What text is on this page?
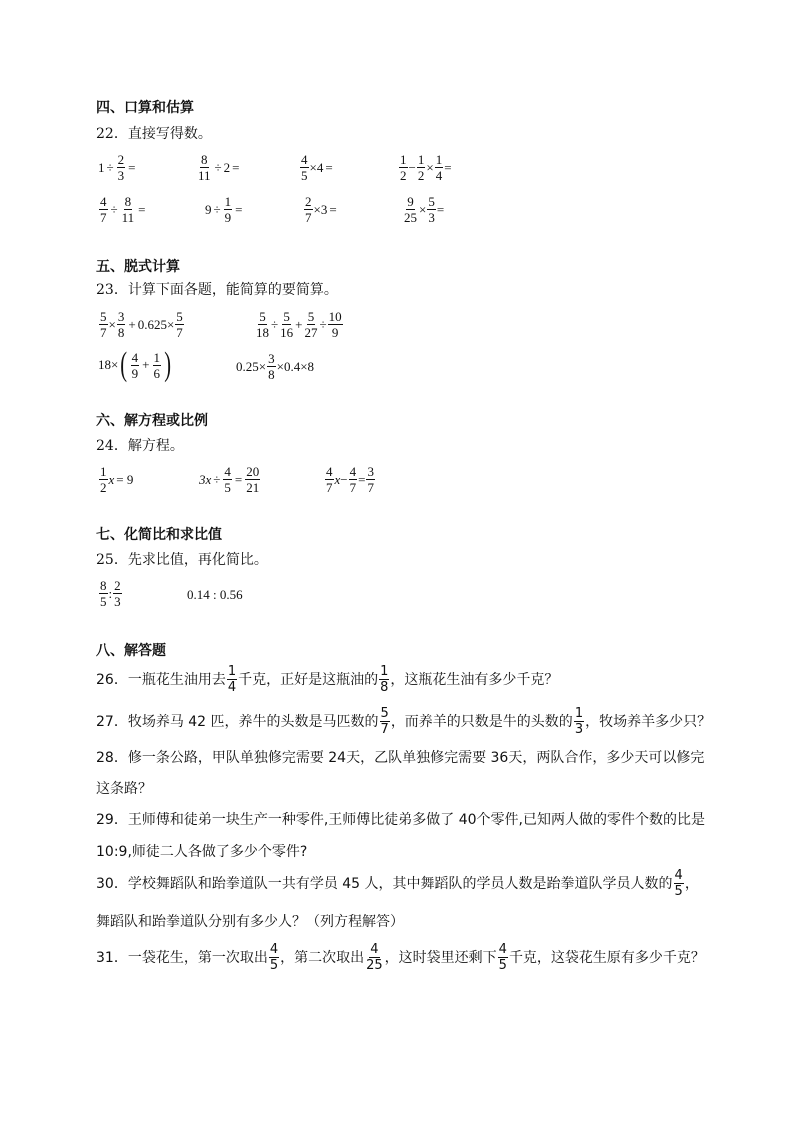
四、口算和估算
22．直接写得数。
$1 \div \frac{2}{3}$ =	$\frac{8}{11} \div 2$ =	$\frac{4}{5} \times 4$ =	$\frac{1}{2} - \frac{1}{2} \times \frac{1}{4}$ =
$\frac{4}{7} \div \frac{8}{11}$ =	$9 \div \frac{1}{9}$ =	$\frac{2}{7} \times 3$ =	$\frac{9}{25} \times \frac{5}{3}$ =
五、脱式计算
23．计算下面各题，能简算的要简算。
$\frac{5}{7} \times \frac{3}{8} + 0.625 \times \frac{5}{7}$	$\frac{5}{18} \div \frac{5}{16} + \frac{5}{27} \div \frac{10}{9}$
18× ( $\frac{4}{9} + \frac{1}{6}$ )	$0.25 \times \frac{3}{8} \times 0.4 \times 8$
六、解方程或比例
24．解方程。
$\frac{1}{2}$ x = 9	$3x \div \frac{4}{5} = \frac{20}{21}$	$\frac{4}{7}$ $x - \frac{4}{7} = \frac{3}{7}$
七、化简比和求比值
25．先求比值，再化简比。
$\frac{8}{5}$ : $\frac{2}{3}$	0.14 : 0.56
八、解答题
26．一瓶花生油用去 $\frac{1}{4}$ 千克，正好是这瓶油的 $\frac{1}{8}$ ，这瓶花生油有多少千克？
27．牧场养马 42 匹，养牛的头数是马匹数的 $\frac{5}{7}$ ，而养羊的只数是牛的头数的 $\frac{1}{3}$ ，牧场养羊多少只？
28．修一条公路，甲队单独修完需要 24天，乙队单独修完需要 36天，两队合作，多少天可以修完
这条路？
29．王师傅和徒弟一块生产一种零件,王师傅比徒弟多做了 40个零件,已知两人做的零件个数的比是
10:9,师徒二人各做了多少个零件?
30．学校舞蹈队和跆拳道队一共有学员 45 人，其中舞蹈队的学员人数是跆拳道队学员人数的 $\frac{4}{5}$ ，
舞蹈队和跆拳道队分别有多少人？（列方程解答）
31．一袋花生，第一次取出 $\frac{4}{5}$ ，第二次取出 $\frac{4}{25}$ ，这时袋里还剩下 $\frac{4}{5}$ 千克，这袋花生原有多少千克？
